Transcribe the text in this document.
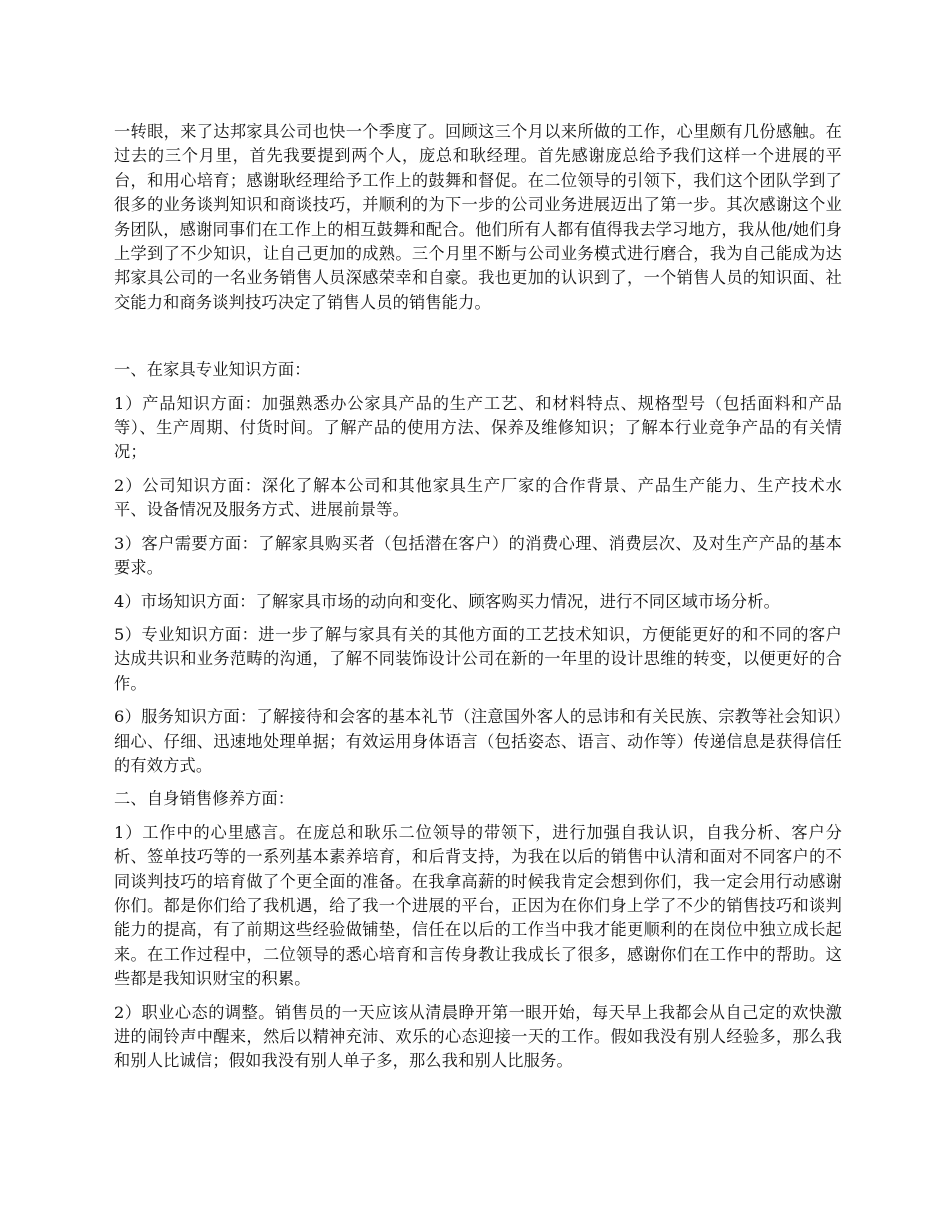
一转眼，来了达邦家具公司也快一个季度了。回顾这三个月以来所做的工作，心里颇有几份感触。在过去的三个月里，首先我要提到两个人，庞总和耿经理。首先感谢庞总给予我们这样一个进展的平台，和用心培育；感谢耿经理给予工作上的鼓舞和督促。在二位领导的引领下，我们这个团队学到了很多的业务谈判知识和商谈技巧，并顺利的为下一步的公司业务进展迈出了第一步。其次感谢这个业务团队，感谢同事们在工作上的相互鼓舞和配合。他们所有人都有值得我去学习地方，我从他/她们身上学到了不少知识，让自己更加的成熟。三个月里不断与公司业务模式进行磨合，我为自己能成为达邦家具公司的一名业务销售人员深感荣幸和自豪。我也更加的认识到了，一个销售人员的知识面、社交能力和商务谈判技巧决定了销售人员的销售能力。

一、在家具专业知识方面：

1）产品知识方面：加强熟悉办公家具产品的生产工艺、和材料特点、规格型号（包括面料和产品等）、生产周期、付货时间。了解产品的使用方法、保养及维修知识；了解本行业竞争产品的有关情况；

2）公司知识方面：深化了解本公司和其他家具生产厂家的合作背景、产品生产能力、生产技术水平、设备情况及服务方式、进展前景等。

3）客户需要方面：了解家具购买者（包括潜在客户）的消费心理、消费层次、及对生产产品的基本要求。

4）市场知识方面：了解家具市场的动向和变化、顾客购买力情况，进行不同区域市场分析。

5）专业知识方面：进一步了解与家具有关的其他方面的工艺技术知识，方便能更好的和不同的客户达成共识和业务范畴的沟通，了解不同装饰设计公司在新的一年里的设计思维的转变，以便更好的合作。

6）服务知识方面：了解接待和会客的基本礼节（注意国外客人的忌讳和有关民族、宗教等社会知识）细心、仔细、迅速地处理单据；有效运用身体语言（包括姿态、语言、动作等）传递信息是获得信任的有效方式。

二、自身销售修养方面：

1）工作中的心里感言。在庞总和耿乐二位领导的带领下，进行加强自我认识，自我分析、客户分析、签单技巧等的一系列基本素养培育，和后背支持，为我在以后的销售中认清和面对不同客户的不同谈判技巧的培育做了个更全面的准备。在我拿高薪的时候我肯定会想到你们，我一定会用行动感谢你们。都是你们给了我机遇，给了我一个进展的平台，正因为在你们身上学了不少的销售技巧和谈判能力的提高，有了前期这些经验做铺垫，信任在以后的工作当中我才能更顺利的在岗位中独立成长起来。在工作过程中，二位领导的悉心培育和言传身教让我成长了很多，感谢你们在工作中的帮助。这些都是我知识财宝的积累。

2）职业心态的调整。销售员的一天应该从清晨睁开第一眼开始，每天早上我都会从自己定的欢快激进的闹铃声中醒来，然后以精神充沛、欢乐的心态迎接一天的工作。假如我没有别人经验多，那么我和别人比诚信；假如我没有别人单子多，那么我和别人比服务。
